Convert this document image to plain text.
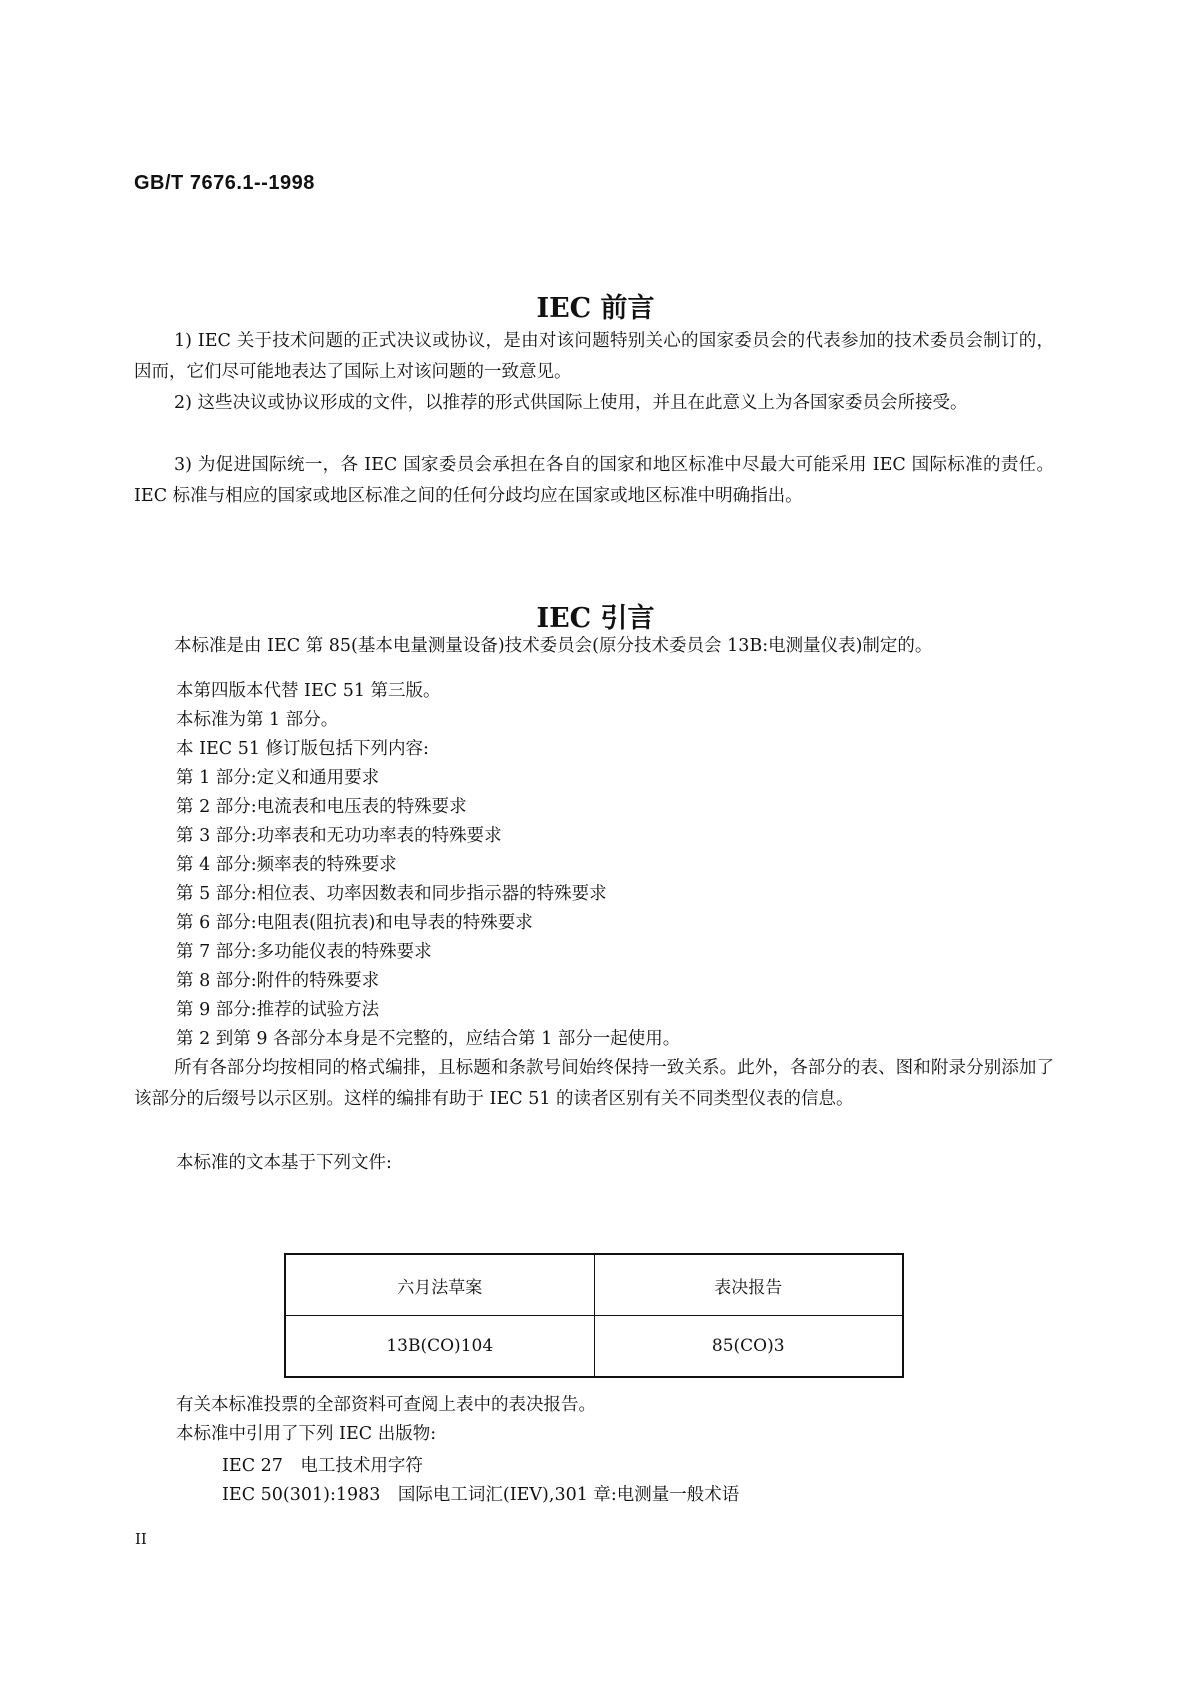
GB/T 7676.1--1998
IEC 前言

1) IEC 关于技术问题的正式决议或协议，是由对该问题特别关心的国家委员会的代表参加的技术委员会制订的，因而，它们尽可能地表达了国际上对该问题的一致意见。

2) 这些决议或协议形成的文件，以推荐的形式供国际上使用，并且在此意义上为各国家委员会所接受。

3) 为促进国际统一，各 IEC 国家委员会承担在各自的国家和地区标准中尽最大可能采用 IEC 国际标准的责任。IEC 标准与相应的国家或地区标准之间的任何分歧均应在国家或地区标准中明确指出。

IEC 引言

本标准是由 IEC 第 85(基本电量测量设备)技术委员会(原分技术委员会 13B:电测量仪表)制定的。

本第四版本代替 IEC 51 第三版。

本标准为第 1 部分。

本 IEC 51 修订版包括下列内容:

第 1 部分:定义和通用要求

第 2 部分:电流表和电压表的特殊要求

第 3 部分:功率表和无功功率表的特殊要求

第 4 部分:频率表的特殊要求

第 5 部分:相位表、功率因数表和同步指示器的特殊要求

第 6 部分:电阻表(阻抗表)和电导表的特殊要求

第 7 部分:多功能仪表的特殊要求

第 8 部分:附件的特殊要求

第 9 部分:推荐的试验方法

第 2 到第 9 各部分本身是不完整的，应结合第 1 部分一起使用。

所有各部分均按相同的格式编排，且标题和条款号间始终保持一致关系。此外，各部分的表、图和附录分别添加了该部分的后缀号以示区别。这样的编排有助于 IEC 51 的读者区别有关不同类型仪表的信息。

本标准的文本基于下列文件:

六月法草案	表决报告
13B(CO)104	85(CO)3

有关本标准投票的全部资料可查阅上表中的表决报告。

本标准中引用了下列 IEC 出版物:

IEC 27　电工技术用字符

IEC 50(301):1983　国际电工词汇(IEV),301 章:电测量一般术语

II
